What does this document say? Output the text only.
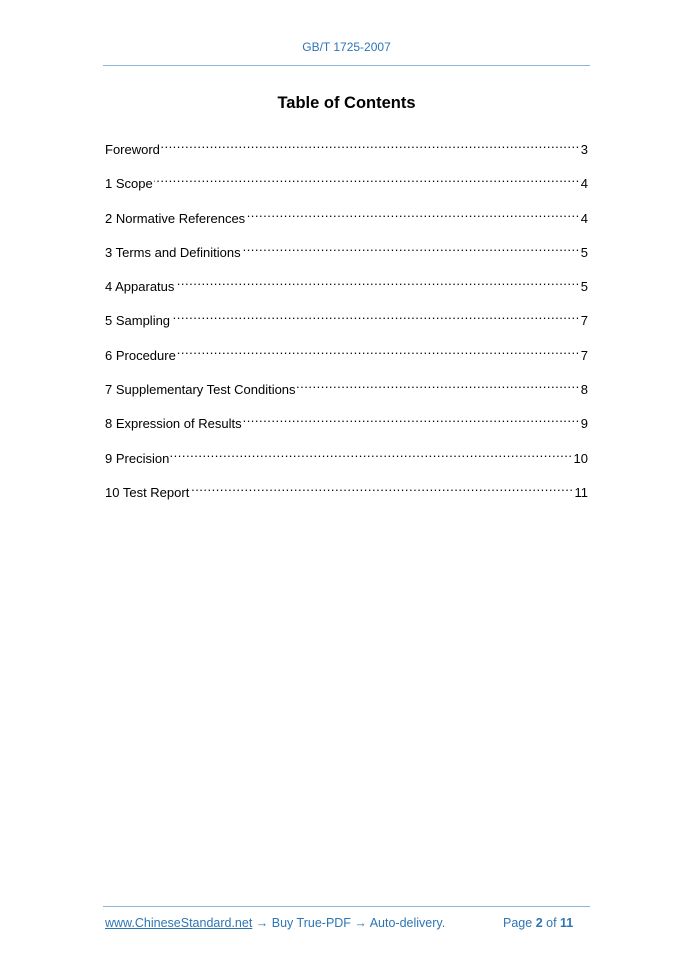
GB/T 1725-2007
Table of Contents
Foreword .....	3
1 Scope .....	4
2 Normative References .....	4
3 Terms and Definitions .....	5
4 Apparatus .....	5
5 Sampling .....	7
6 Procedure .....	7
7 Supplementary Test Conditions .....	8
8 Expression of Results .....	9
9 Precision .....	10
10 Test Report .....	11
www.ChineseStandard.net → Buy True-PDF → Auto-delivery.	Page 2 of 11
